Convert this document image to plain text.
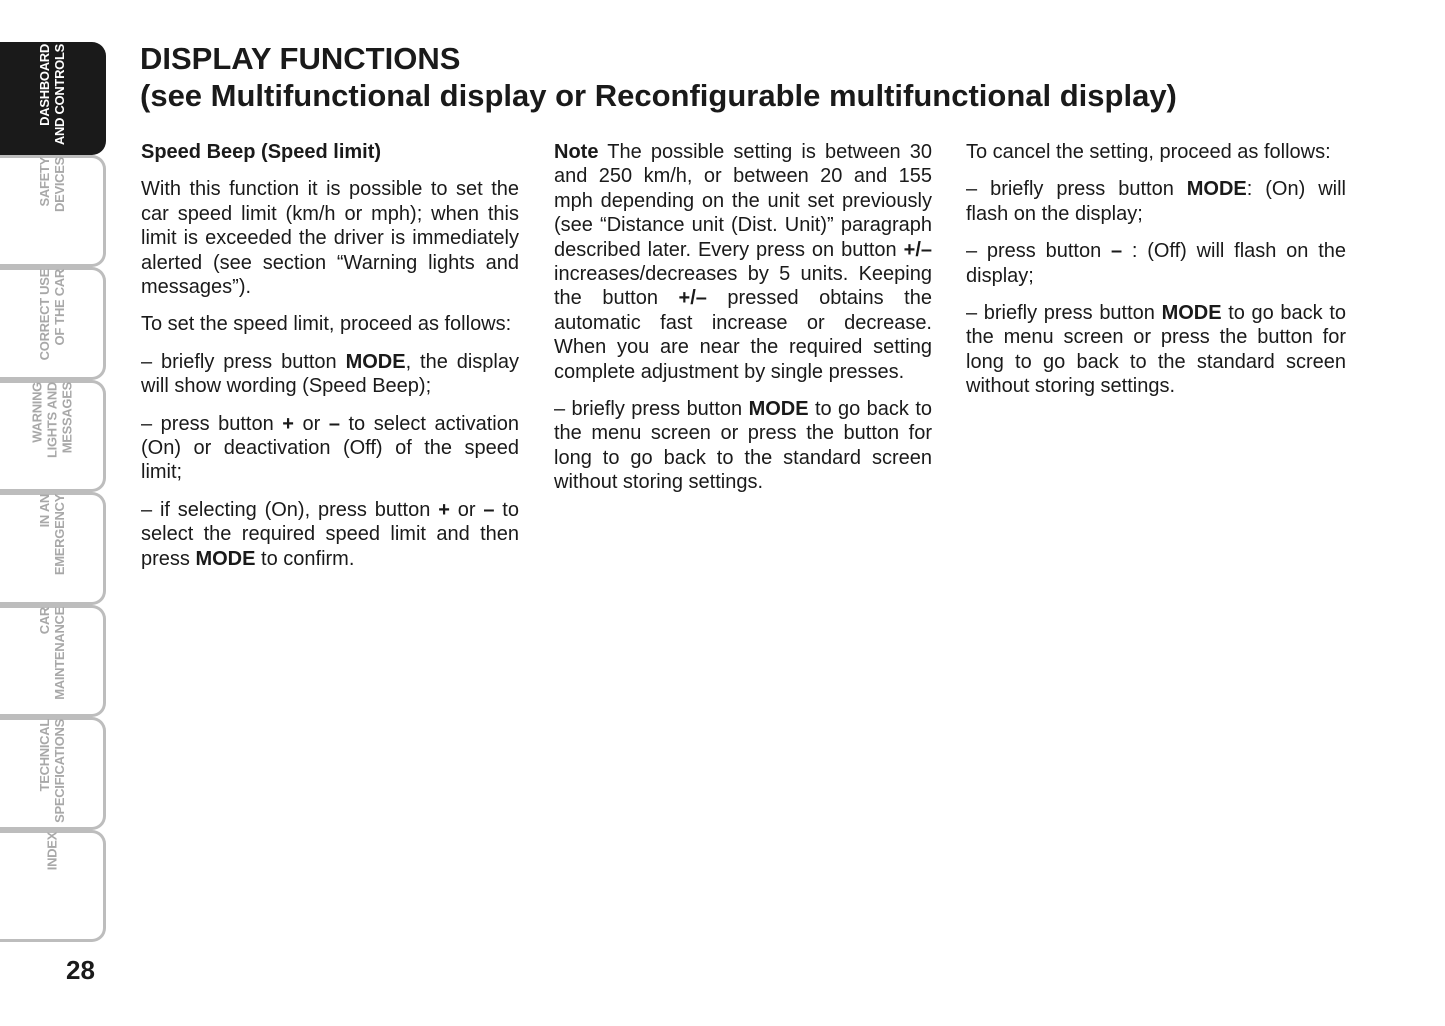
DASHBOARD
AND CONTROLS
SAFETY
DEVICES
CORRECT USE
OF THE CAR
WARNING
LIGHTS AND
MESSAGES
IN AN
EMERGENCY
CAR
MAINTENANCE
TECHNICAL
SPECIFICATIONS
INDEX
28
DISPLAY FUNCTIONS
(see Multifunctional display or Reconfigurable multifunctional display)

Speed Beep (Speed limit)

With this function it is possible to set the car speed limit (km/h or mph); when this limit is exceeded the driver is immediately alerted (see section “Warning lights and messages”).

To set the speed limit, proceed as follows:

– briefly press button MODE, the display will show wording (Speed Beep);

– press button + or – to select activation (On) or deactivation (Off) of the speed limit;

– if selecting (On), press button + or – to select the required speed limit and then press MODE to confirm.

Note The possible setting is between 30 and 250 km/h, or between 20 and 155 mph depending on the unit set previously (see “Distance unit (Dist. Unit)” paragraph described later. Every press on button +/– increases/decreases by 5 units. Keeping the button +/– pressed obtains the automatic fast increase or decrease. When you are near the required setting complete adjustment by single presses.

– briefly press button MODE to go back to the menu screen or press the button for long to go back to the standard screen without storing settings.

To cancel the setting, proceed as follows:

– briefly press button MODE: (On) will flash on the display;

– press button – : (Off) will flash on the display;

– briefly press button MODE to go back to the menu screen or press the button for long to go back to the standard screen without storing settings.
